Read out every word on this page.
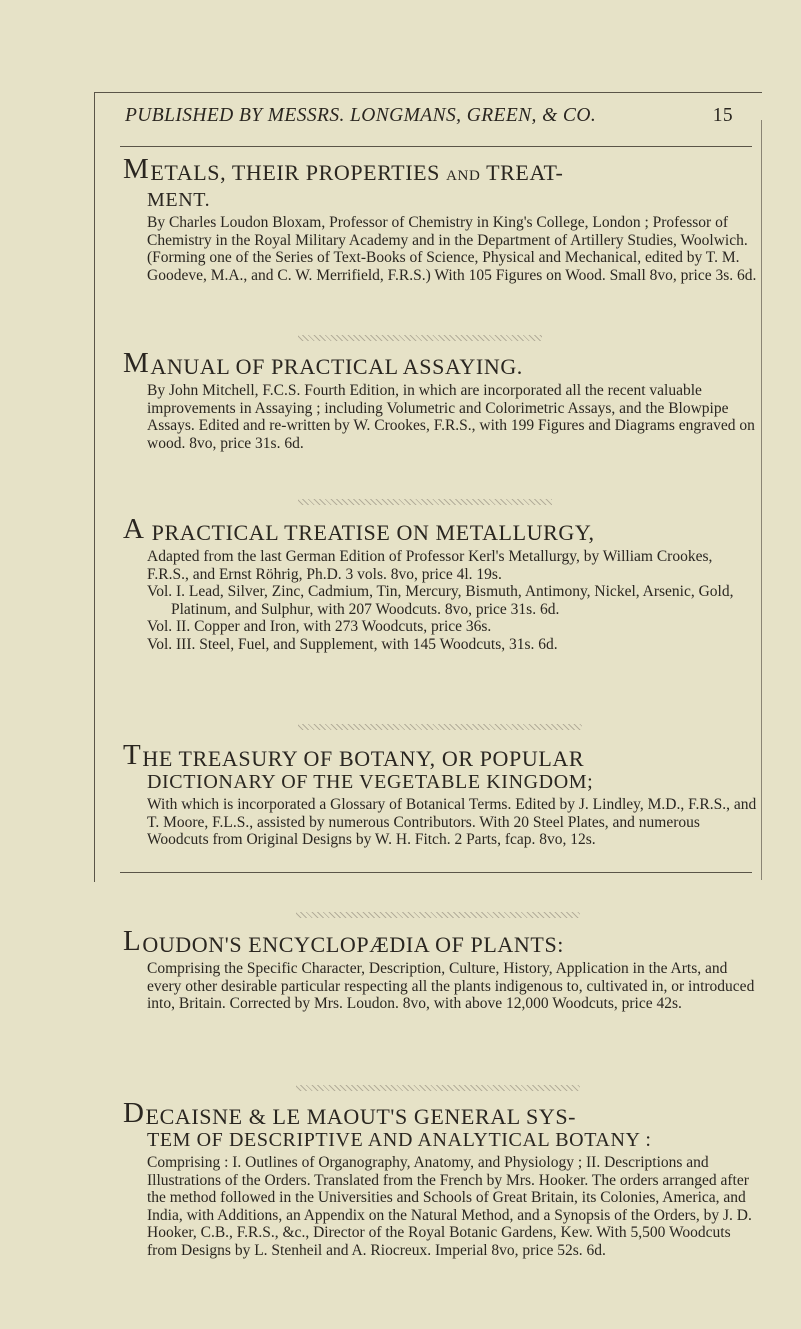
PUBLISHED BY MESSRS. LONGMANS, GREEN, & CO.	15
METALS, THEIR PROPERTIES AND TREAT-
MENT.

By Charles Loudon Bloxam, Professor of Chemistry in King's College, London ; Professor of Chemistry in the Royal Military Academy and in the Department of Artillery Studies, Woolwich. (Forming one of the Series of Text-Books of Science, Physical and Mechanical, edited by T. M. Goodeve, M.A., and C. W. Merrifield, F.R.S.) With 105 Figures on Wood. Small 8vo, price 3s. 6d.

MANUAL OF PRACTICAL ASSAYING.

By John Mitchell, F.C.S. Fourth Edition, in which are incorporated all the recent valuable improvements in Assaying ; including Volumetric and Colorimetric Assays, and the Blowpipe Assays. Edited and re-written by W. Crookes, F.R.S., with 199 Figures and Diagrams engraved on wood. 8vo, price 31s. 6d.

A PRACTICAL TREATISE ON METALLURGY,

Adapted from the last German Edition of Professor Kerl's Metallurgy, by William Crookes, F.R.S., and Ernst Röhrig, Ph.D. 3 vols. 8vo, price 4l. 19s.

Vol. I. Lead, Silver, Zinc, Cadmium, Tin, Mercury, Bismuth, Antimony, Nickel, Arsenic, Gold, Platinum, and Sulphur, with 207 Woodcuts. 8vo, price 31s. 6d.

Vol. II. Copper and Iron, with 273 Woodcuts, price 36s.

Vol. III. Steel, Fuel, and Supplement, with 145 Woodcuts, 31s. 6d.

THE TREASURY OF BOTANY, OR POPULAR
DICTIONARY OF THE VEGETABLE KINGDOM;

With which is incorporated a Glossary of Botanical Terms. Edited by J. Lindley, M.D., F.R.S., and T. Moore, F.L.S., assisted by numerous Contributors. With 20 Steel Plates, and numerous Woodcuts from Original Designs by W. H. Fitch. 2 Parts, fcap. 8vo, 12s.

LOUDON'S ENCYCLOPÆDIA OF PLANTS:

Comprising the Specific Character, Description, Culture, History, Application in the Arts, and every other desirable particular respecting all the plants indigenous to, cultivated in, or introduced into, Britain. Corrected by Mrs. Loudon. 8vo, with above 12,000 Woodcuts, price 42s.

DECAISNE & LE MAOUT'S GENERAL SYS-
TEM OF DESCRIPTIVE AND ANALYTICAL BOTANY :

Comprising : I. Outlines of Organography, Anatomy, and Physiology ; II. Descriptions and Illustrations of the Orders. Translated from the French by Mrs. Hooker. The orders arranged after the method followed in the Universities and Schools of Great Britain, its Colonies, America, and India, with Additions, an Appendix on the Natural Method, and a Synopsis of the Orders, by J. D. Hooker, C.B., F.R.S., &c., Director of the Royal Botanic Gardens, Kew. With 5,500 Woodcuts from Designs by L. Stenheil and A. Riocreux. Imperial 8vo, price 52s. 6d.
